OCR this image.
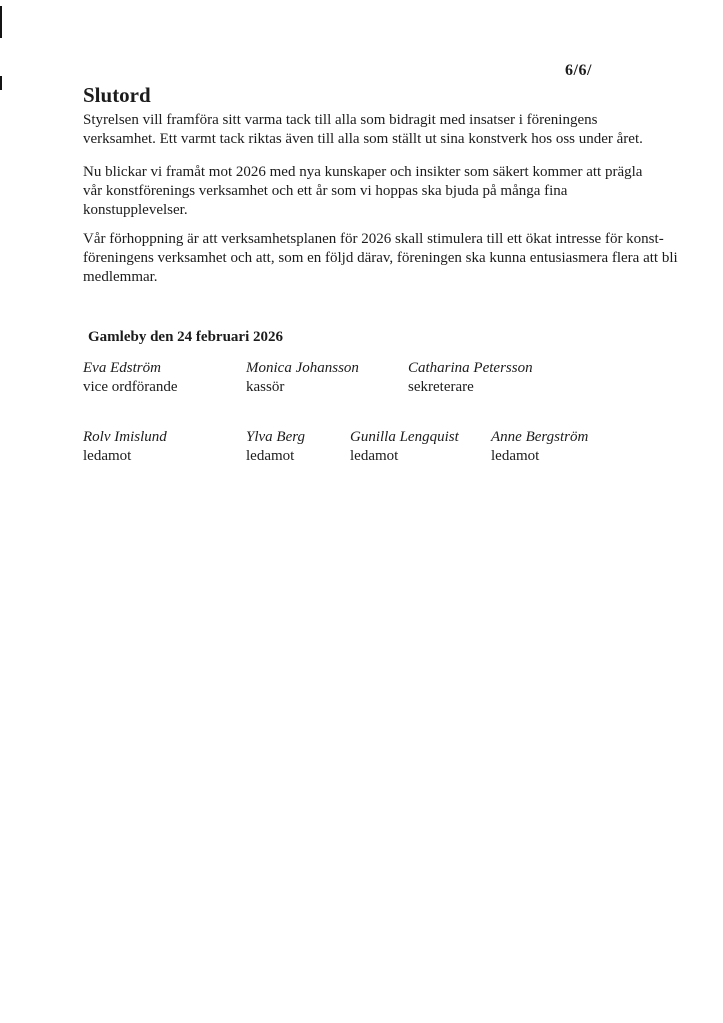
6/6/
Slutord
Styrelsen vill framföra sitt varma tack till alla som bidragit med insatser i föreningens
verksamhet. Ett varmt tack riktas även till alla som ställt ut sina konstverk hos oss under året.
Nu blickar vi framåt mot 2026 med nya kunskaper och insikter som säkert kommer att prägla
vår konstförenings verksamhet och ett år som vi hoppas ska bjuda på många fina
konstupplevelser.
Vår förhoppning är att verksamhetsplanen för 2026 skall stimulera till ett ökat intresse för konst-
föreningens verksamhet och att, som en följd därav, föreningen ska kunna entusiasmera flera att bli
medlemmar.
Gamleby den 24 februari 2026
Eva Edström
vice ordförande
Monica Johansson
kassör
Catharina Petersson
sekreterare
Rolv Imislund
ledamot
Ylva Berg
ledamot
Gunilla Lengquist
ledamot
Anne Bergström
ledamot
